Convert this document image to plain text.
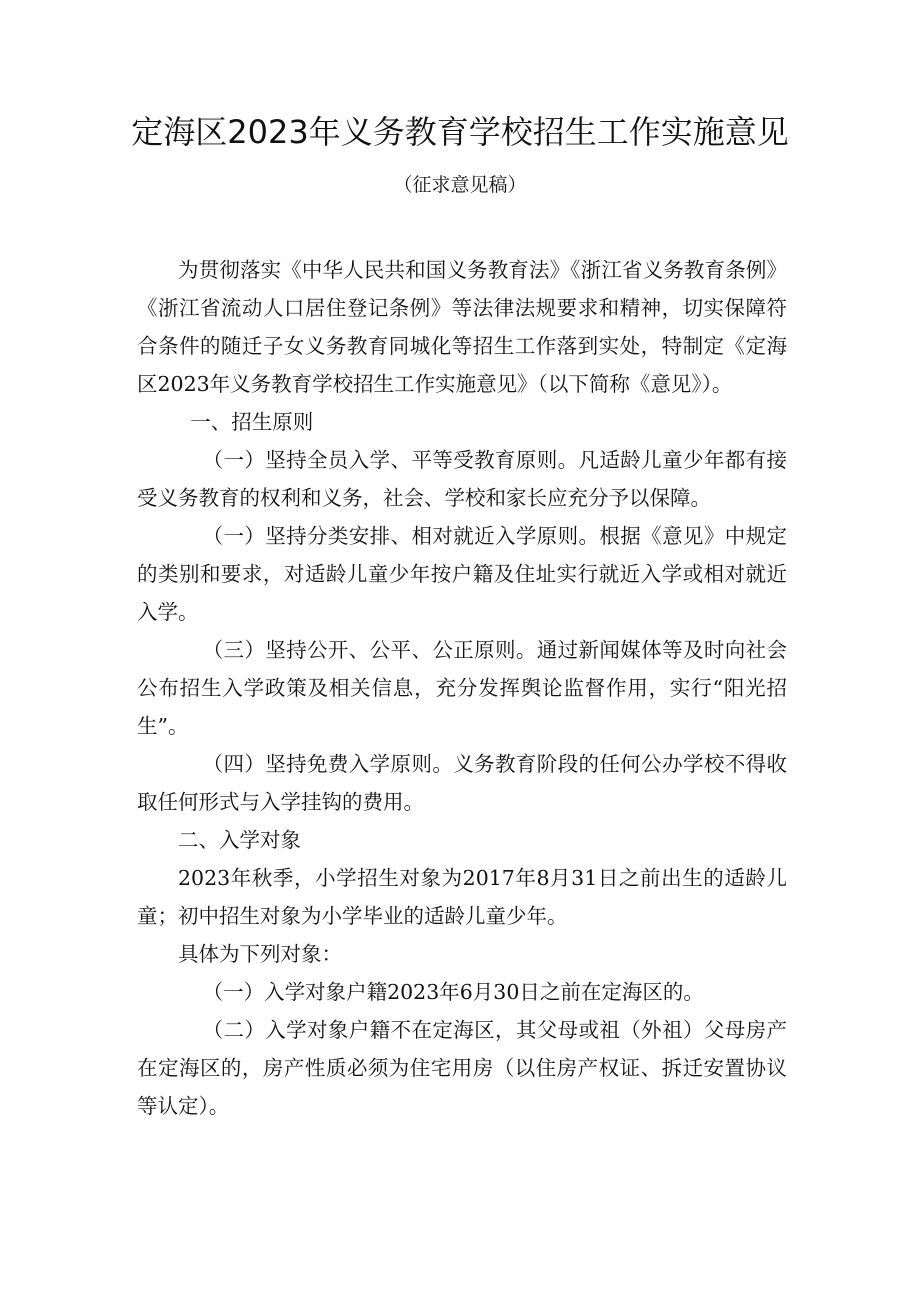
定海区2023年义务教育学校招生工作实施意见
（征求意见稿）

为贯彻落实《中华人民共和国义务教育法》《浙江省义务教育条例》《浙江省流动人口居住登记条例》等法律法规要求和精神，切实保障符合条件的随迁子女义务教育同城化等招生工作落到实处，特制定《定海区2023年义务教育学校招生工作实施意见》（以下简称《意见》）。

一、招生原则

（一）坚持全员入学、平等受教育原则。凡适龄儿童少年都有接受义务教育的权利和义务，社会、学校和家长应充分予以保障。

（一）坚持分类安排、相对就近入学原则。根据《意见》中规定的类别和要求，对适龄儿童少年按户籍及住址实行就近入学或相对就近入学。

（三）坚持公开、公平、公正原则。通过新闻媒体等及时向社会公布招生入学政策及相关信息，充分发挥舆论监督作用，实行“阳光招生”。

（四）坚持免费入学原则。义务教育阶段的任何公办学校不得收取任何形式与入学挂钩的费用。

二、入学对象

2023年秋季，小学招生对象为2017年8月31日之前出生的适龄儿童；初中招生对象为小学毕业的适龄儿童少年。

具体为下列对象：

（一）入学对象户籍2023年6月30日之前在定海区的。

（二）入学对象户籍不在定海区，其父母或祖（外祖）父母房产在定海区的，房产性质必须为住宅用房（以住房产权证、拆迁安置协议等认定）。
